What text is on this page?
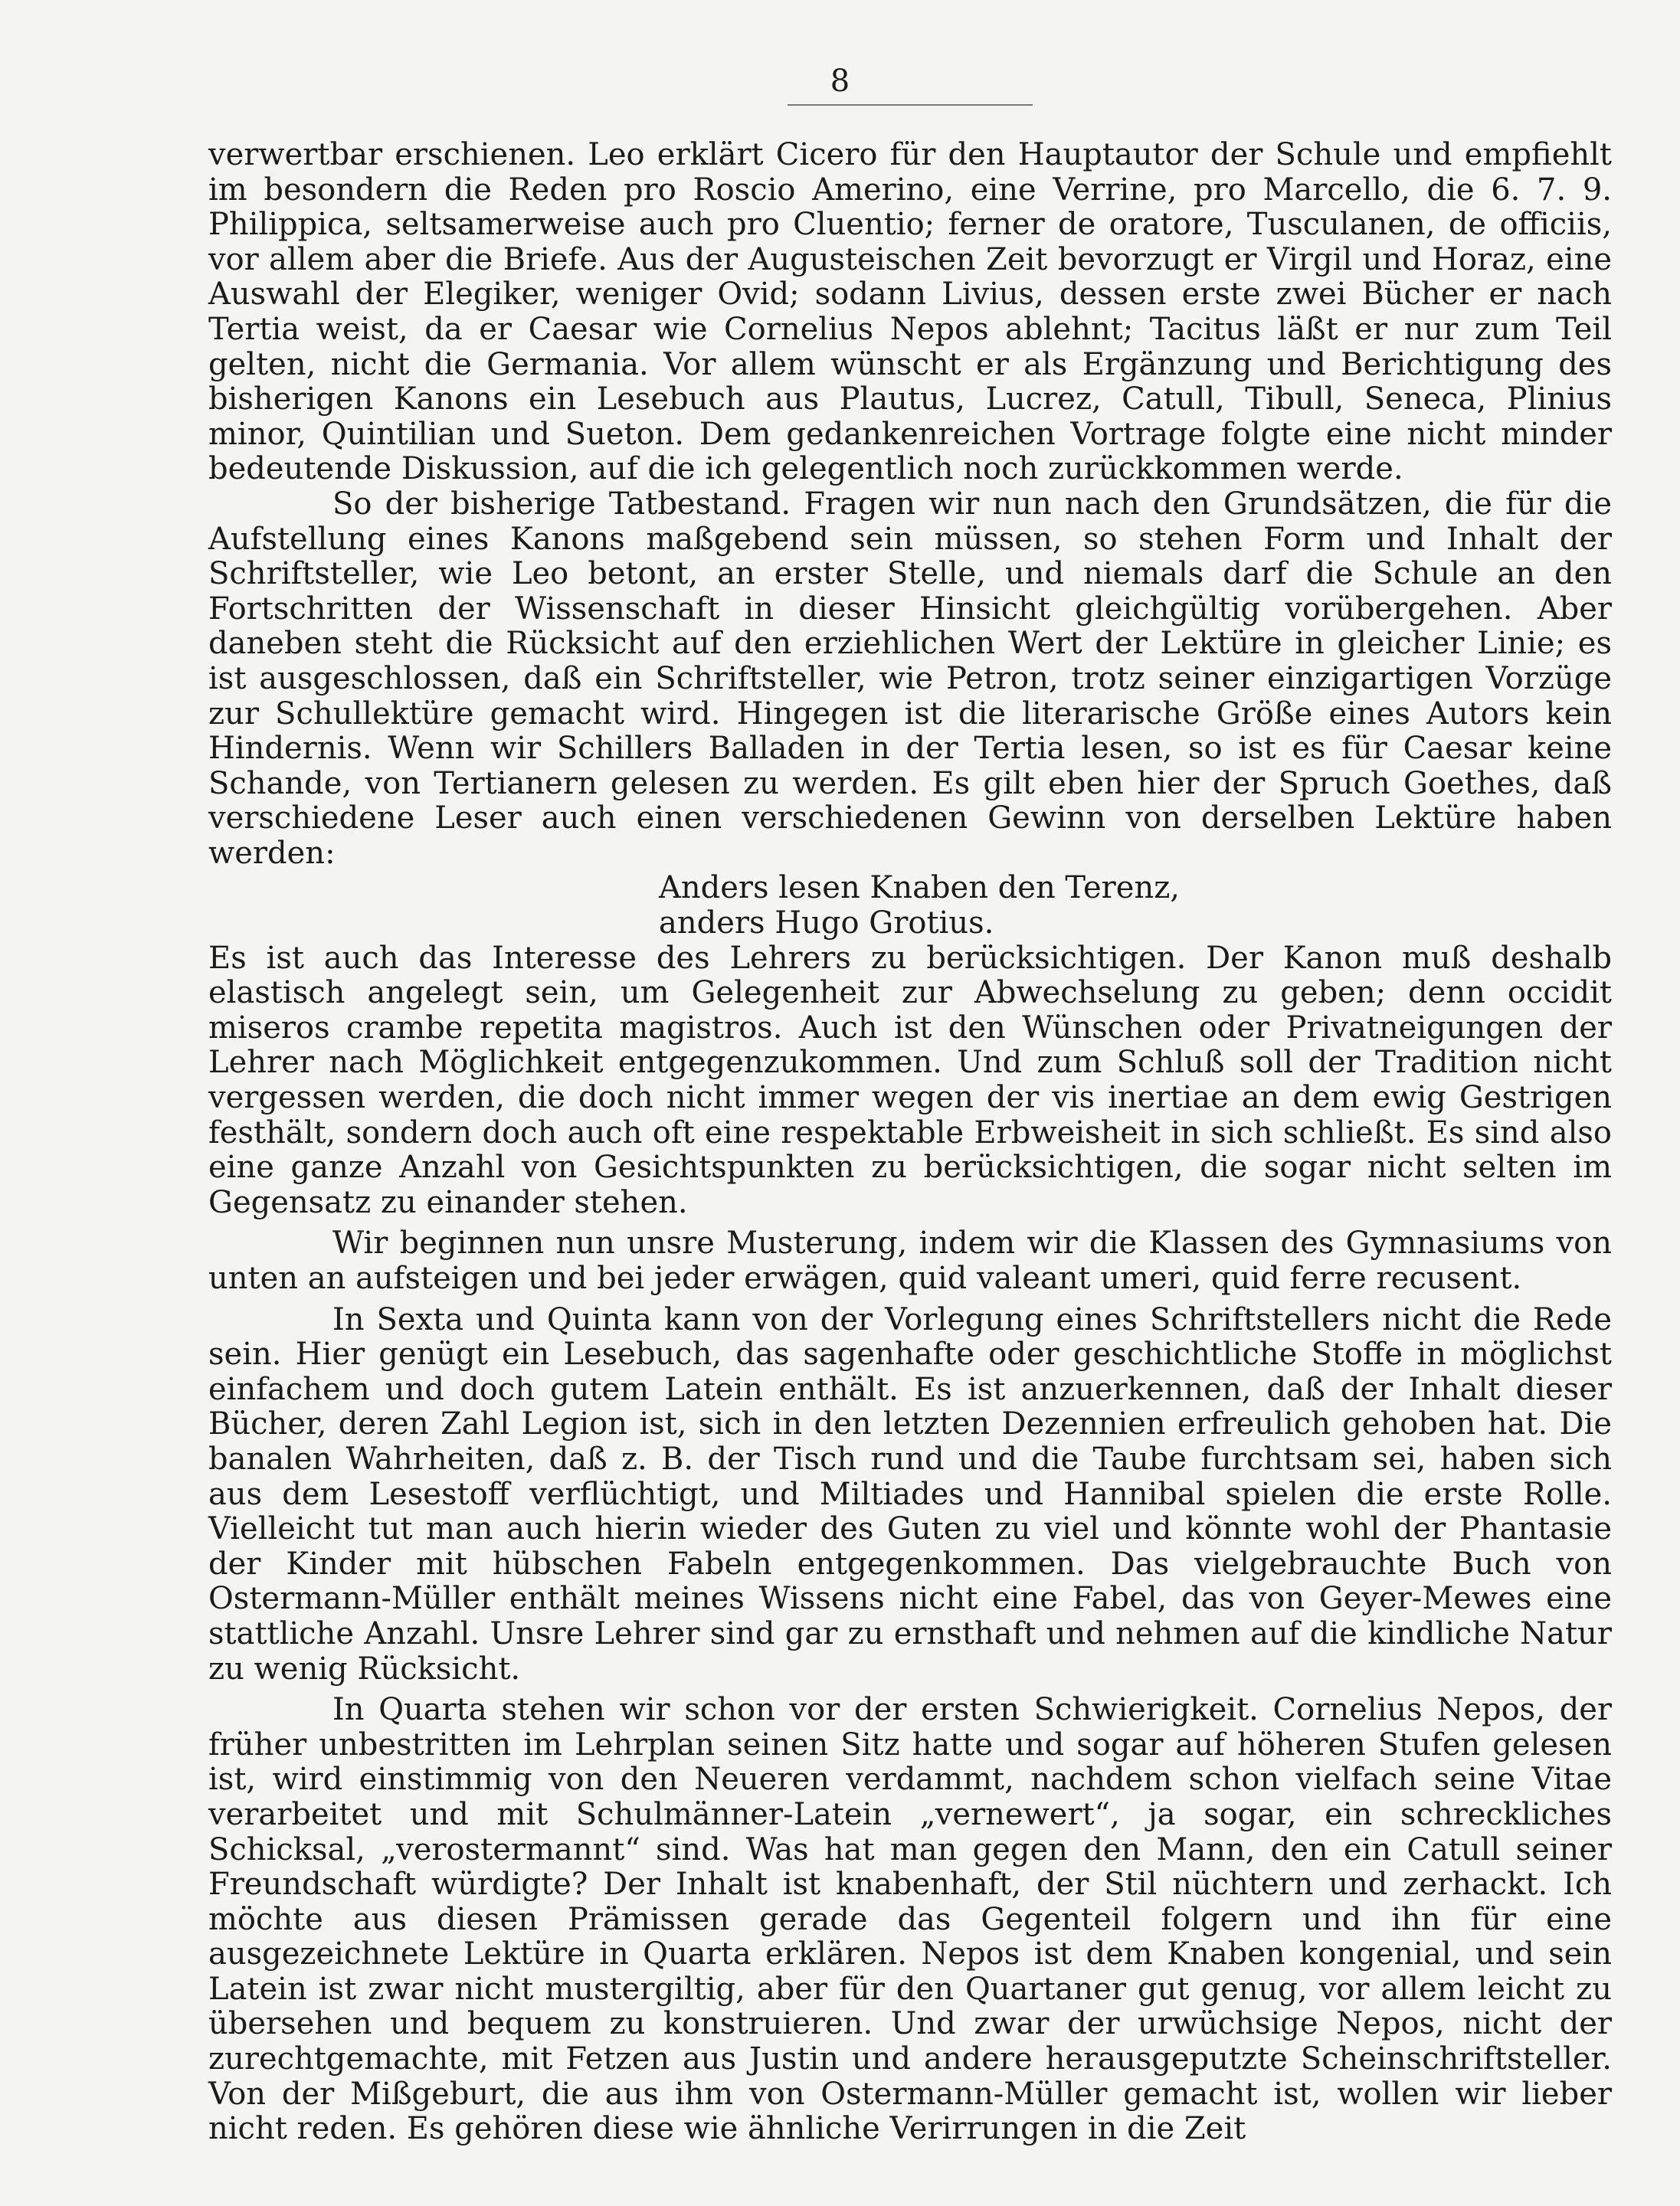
8

verwertbar erschienen. Leo erklärt Cicero für den Hauptautor der Schule und empfiehlt im besondern die Reden pro Roscio Amerino, eine Verrine, pro Marcello, die 6. 7. 9. Philippica, seltsamerweise auch pro Cluentio; ferner de oratore, Tusculanen, de officiis, vor allem aber die Briefe. Aus der Augusteischen Zeit bevorzugt er Virgil und Horaz, eine Auswahl der Elegiker, weniger Ovid; sodann Livius, dessen erste zwei Bücher er nach Tertia weist, da er Caesar wie Cornelius Nepos ablehnt; Tacitus läßt er nur zum Teil gelten, nicht die Germania. Vor allem wünscht er als Ergänzung und Berichtigung des bisherigen Kanons ein Lesebuch aus Plautus, Lucrez, Catull, Tibull, Seneca, Plinius minor, Quintilian und Sueton. Dem gedankenreichen Vortrage folgte eine nicht minder bedeutende Diskussion, auf die ich gelegentlich noch zurückkommen werde.

So der bisherige Tatbestand. Fragen wir nun nach den Grundsätzen, die für die Aufstellung eines Kanons maßgebend sein müssen, so stehen Form und Inhalt der Schriftsteller, wie Leo betont, an erster Stelle, und niemals darf die Schule an den Fortschritten der Wissenschaft in dieser Hinsicht gleichgültig vorübergehen. Aber daneben steht die Rücksicht auf den erziehlichen Wert der Lektüre in gleicher Linie; es ist ausgeschlossen, daß ein Schriftsteller, wie Petron, trotz seiner einzigartigen Vorzüge zur Schullektüre gemacht wird. Hingegen ist die literarische Größe eines Autors kein Hindernis. Wenn wir Schillers Balladen in der Tertia lesen, so ist es für Caesar keine Schande, von Tertianern gelesen zu werden. Es gilt eben hier der Spruch Goethes, daß verschiedene Leser auch einen verschiedenen Gewinn von derselben Lektüre haben werden:

Anders lesen Knaben den Terenz,
anders Hugo Grotius.

Es ist auch das Interesse des Lehrers zu berücksichtigen. Der Kanon muß deshalb elastisch angelegt sein, um Gelegenheit zur Abwechselung zu geben; denn occidit miseros crambe repetita magistros. Auch ist den Wünschen oder Privatneigungen der Lehrer nach Möglichkeit entgegenzukommen. Und zum Schluß soll der Tradition nicht vergessen werden, die doch nicht immer wegen der vis inertiae an dem ewig Gestrigen festhält, sondern doch auch oft eine respektable Erbweisheit in sich schließt. Es sind also eine ganze Anzahl von Gesichtspunkten zu berücksichtigen, die sogar nicht selten im Gegensatz zu einander stehen.

Wir beginnen nun unsre Musterung, indem wir die Klassen des Gymnasiums von unten an aufsteigen und bei jeder erwägen, quid valeant umeri, quid ferre recusent.

In Sexta und Quinta kann von der Vorlegung eines Schriftstellers nicht die Rede sein. Hier genügt ein Lesebuch, das sagenhafte oder geschichtliche Stoffe in möglichst einfachem und doch gutem Latein enthält. Es ist anzuerkennen, daß der Inhalt dieser Bücher, deren Zahl Legion ist, sich in den letzten Dezennien erfreulich gehoben hat. Die banalen Wahrheiten, daß z. B. der Tisch rund und die Taube furchtsam sei, haben sich aus dem Lesestoff verflüchtigt, und Miltiades und Hannibal spielen die erste Rolle. Vielleicht tut man auch hierin wieder des Guten zu viel und könnte wohl der Phantasie der Kinder mit hübschen Fabeln entgegenkommen. Das vielgebrauchte Buch von Ostermann-Müller enthält meines Wissens nicht eine Fabel, das von Geyer-Mewes eine stattliche Anzahl. Unsre Lehrer sind gar zu ernsthaft und nehmen auf die kindliche Natur zu wenig Rücksicht.

In Quarta stehen wir schon vor der ersten Schwierigkeit. Cornelius Nepos, der früher unbestritten im Lehrplan seinen Sitz hatte und sogar auf höheren Stufen gelesen ist, wird einstimmig von den Neueren verdammt, nachdem schon vielfach seine Vitae verarbeitet und mit Schulmänner-Latein „vernewert“, ja sogar, ein schreckliches Schicksal, „verostermannt“ sind. Was hat man gegen den Mann, den ein Catull seiner Freundschaft würdigte? Der Inhalt ist knabenhaft, der Stil nüchtern und zerhackt. Ich möchte aus diesen Prämissen gerade das Gegenteil folgern und ihn für eine ausgezeichnete Lektüre in Quarta erklären. Nepos ist dem Knaben kongenial, und sein Latein ist zwar nicht mustergiltig, aber für den Quartaner gut genug, vor allem leicht zu übersehen und bequem zu konstruieren. Und zwar der urwüchsige Nepos, nicht der zurechtgemachte, mit Fetzen aus Justin und andere herausgeputzte Scheinschriftsteller. Von der Mißgeburt, die aus ihm von Ostermann-Müller gemacht ist, wollen wir lieber nicht reden. Es gehören diese wie ähnliche Verirrungen in die Zeit
